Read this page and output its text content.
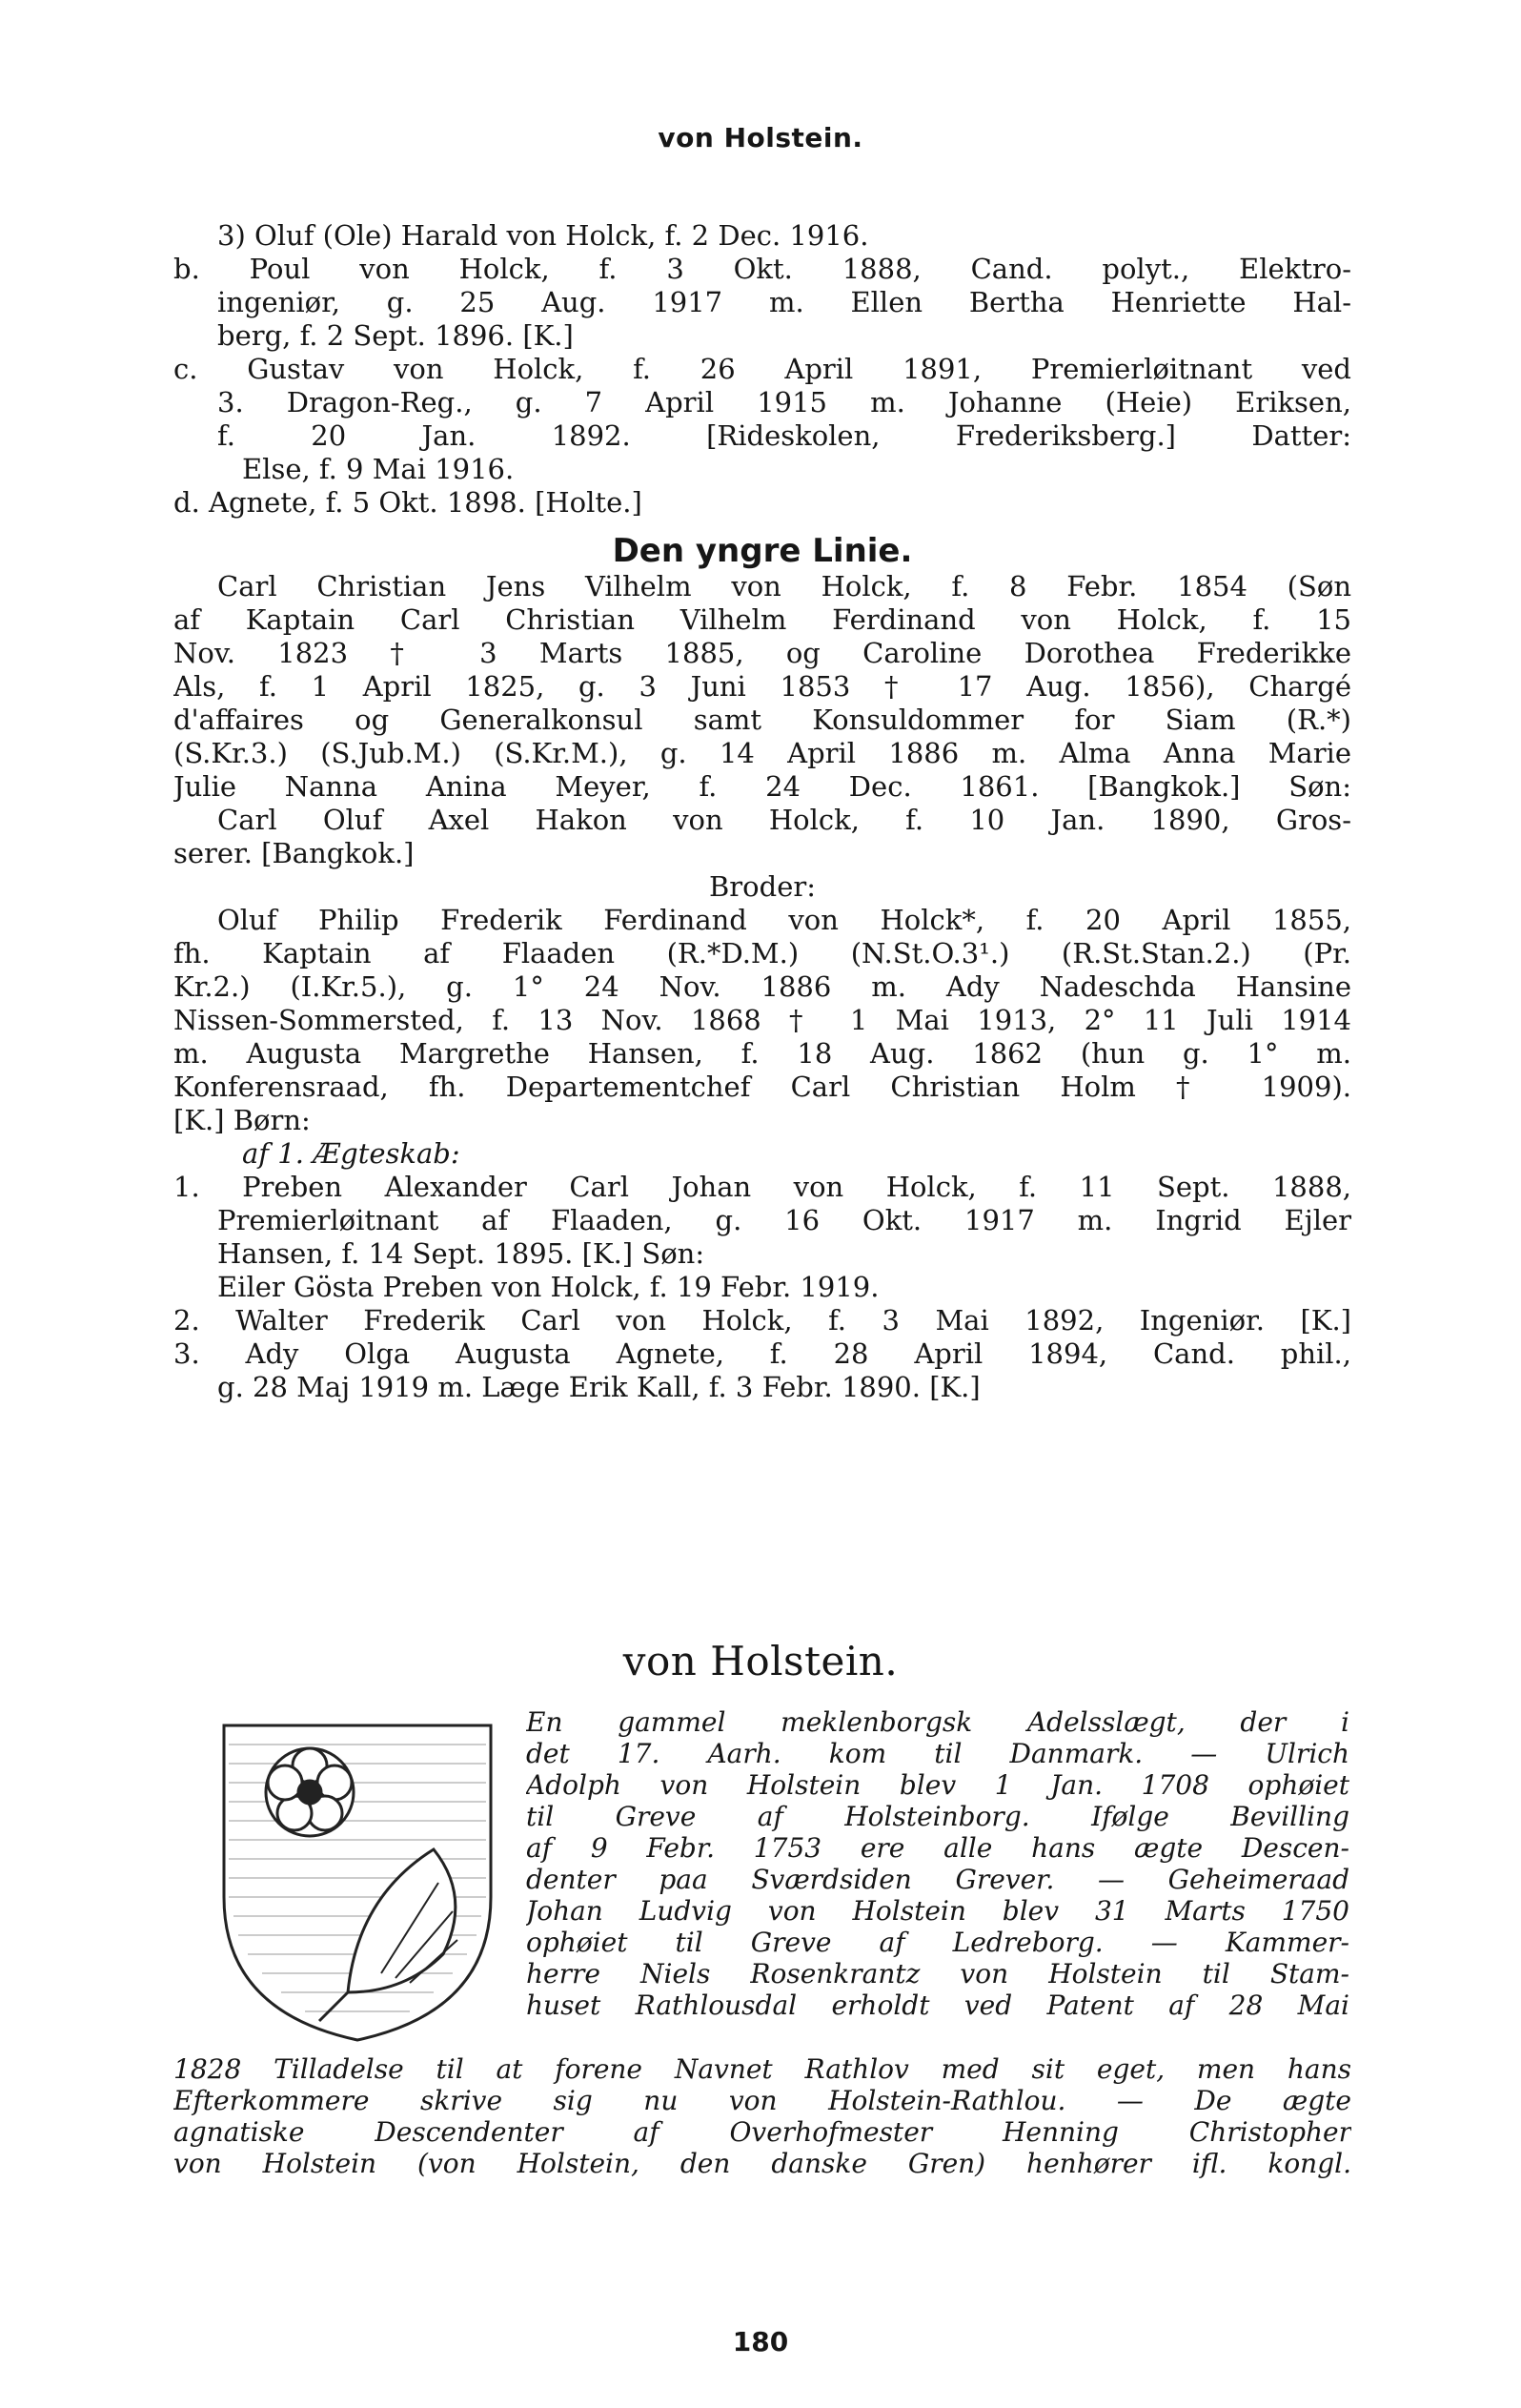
von Holstein.
3) Oluf (Ole) Harald von Holck, f. 2 Dec. 1916.
b. Poul von Holck, f. 3 Okt. 1888, Cand. polyt., Elektro-
ingeniør, g. 25 Aug. 1917 m. Ellen Bertha Henriette Hal-
berg, f. 2 Sept. 1896. [K.]
c. Gustav von Holck, f. 26 April 1891, Premierløitnant ved
3. Dragon-Reg., g. 7 April 1915 m. Johanne (Heie) Eriksen,
f. 20 Jan. 1892. [Rideskolen, Frederiksberg.] Datter:
Else, f. 9 Mai 1916.
d. Agnete, f. 5 Okt. 1898. [Holte.]
Den yngre Linie.
Carl Christian Jens Vilhelm von Holck, f. 8 Febr. 1854 (Søn
af Kaptain Carl Christian Vilhelm Ferdinand von Holck, f. 15
Nov. 1823 † 3 Marts 1885, og Caroline Dorothea Frederikke
Als, f. 1 April 1825, g. 3 Juni 1853 † 17 Aug. 1856), Chargé
d'affaires og Generalkonsul samt Konsuldommer for Siam (R.*)
(S.Kr.3.) (S.Jub.M.) (S.Kr.M.), g. 14 April 1886 m. Alma Anna Marie
Julie Nanna Anina Meyer, f. 24 Dec. 1861. [Bangkok.] Søn:
Carl Oluf Axel Hakon von Holck, f. 10 Jan. 1890, Gros-
serer. [Bangkok.]
Broder:
Oluf Philip Frederik Ferdinand von Holck*, f. 20 April 1855,
fh. Kaptain af Flaaden (R.*D.M.) (N.St.O.3¹.) (R.St.Stan.2.) (Pr.
Kr.2.) (I.Kr.5.), g. 1° 24 Nov. 1886 m. Ady Nadeschda Hansine
Nissen-Sommersted, f. 13 Nov. 1868 † 1 Mai 1913, 2° 11 Juli 1914
m. Augusta Margrethe Hansen, f. 18 Aug. 1862 (hun g. 1° m.
Konferensraad, fh. Departementchef Carl Christian Holm † 1909).
[K.] Børn:
af 1. Ægteskab:
1. Preben Alexander Carl Johan von Holck, f. 11 Sept. 1888,
Premierløitnant af Flaaden, g. 16 Okt. 1917 m. Ingrid Ejler
Hansen, f. 14 Sept. 1895. [K.] Søn:
Eiler Gösta Preben von Holck, f. 19 Febr. 1919.
2. Walter Frederik Carl von Holck, f. 3 Mai 1892, Ingeniør. [K.]
3. Ady Olga Augusta Agnete, f. 28 April 1894, Cand. phil.,
g. 28 Maj 1919 m. Læge Erik Kall, f. 3 Febr. 1890. [K.]
von Holstein.
En gammel meklenborgsk Adelsslægt, der i
det 17. Aarh. kom til Danmark. — Ulrich
Adolph von Holstein blev 1 Jan. 1708 ophøiet
til Greve af Holsteinborg. Ifølge Bevilling
af 9 Febr. 1753 ere alle hans ægte Descen-
denter paa Sværdsiden Grever. — Geheimeraad
Johan Ludvig von Holstein blev 31 Marts 1750
ophøiet til Greve af Ledreborg. — Kammer-
herre Niels Rosenkrantz von Holstein til Stam-
huset Rathlousdal erholdt ved Patent af 28 Mai
1828 Tilladelse til at forene Navnet Rathlov med sit eget, men hans
Efterkommere skrive sig nu von Holstein-Rathlou. — De ægte
agnatiske Descendenter af Overhofmester Henning Christopher
von Holstein (von Holstein, den danske Gren) henhører ifl. kongl.
180
